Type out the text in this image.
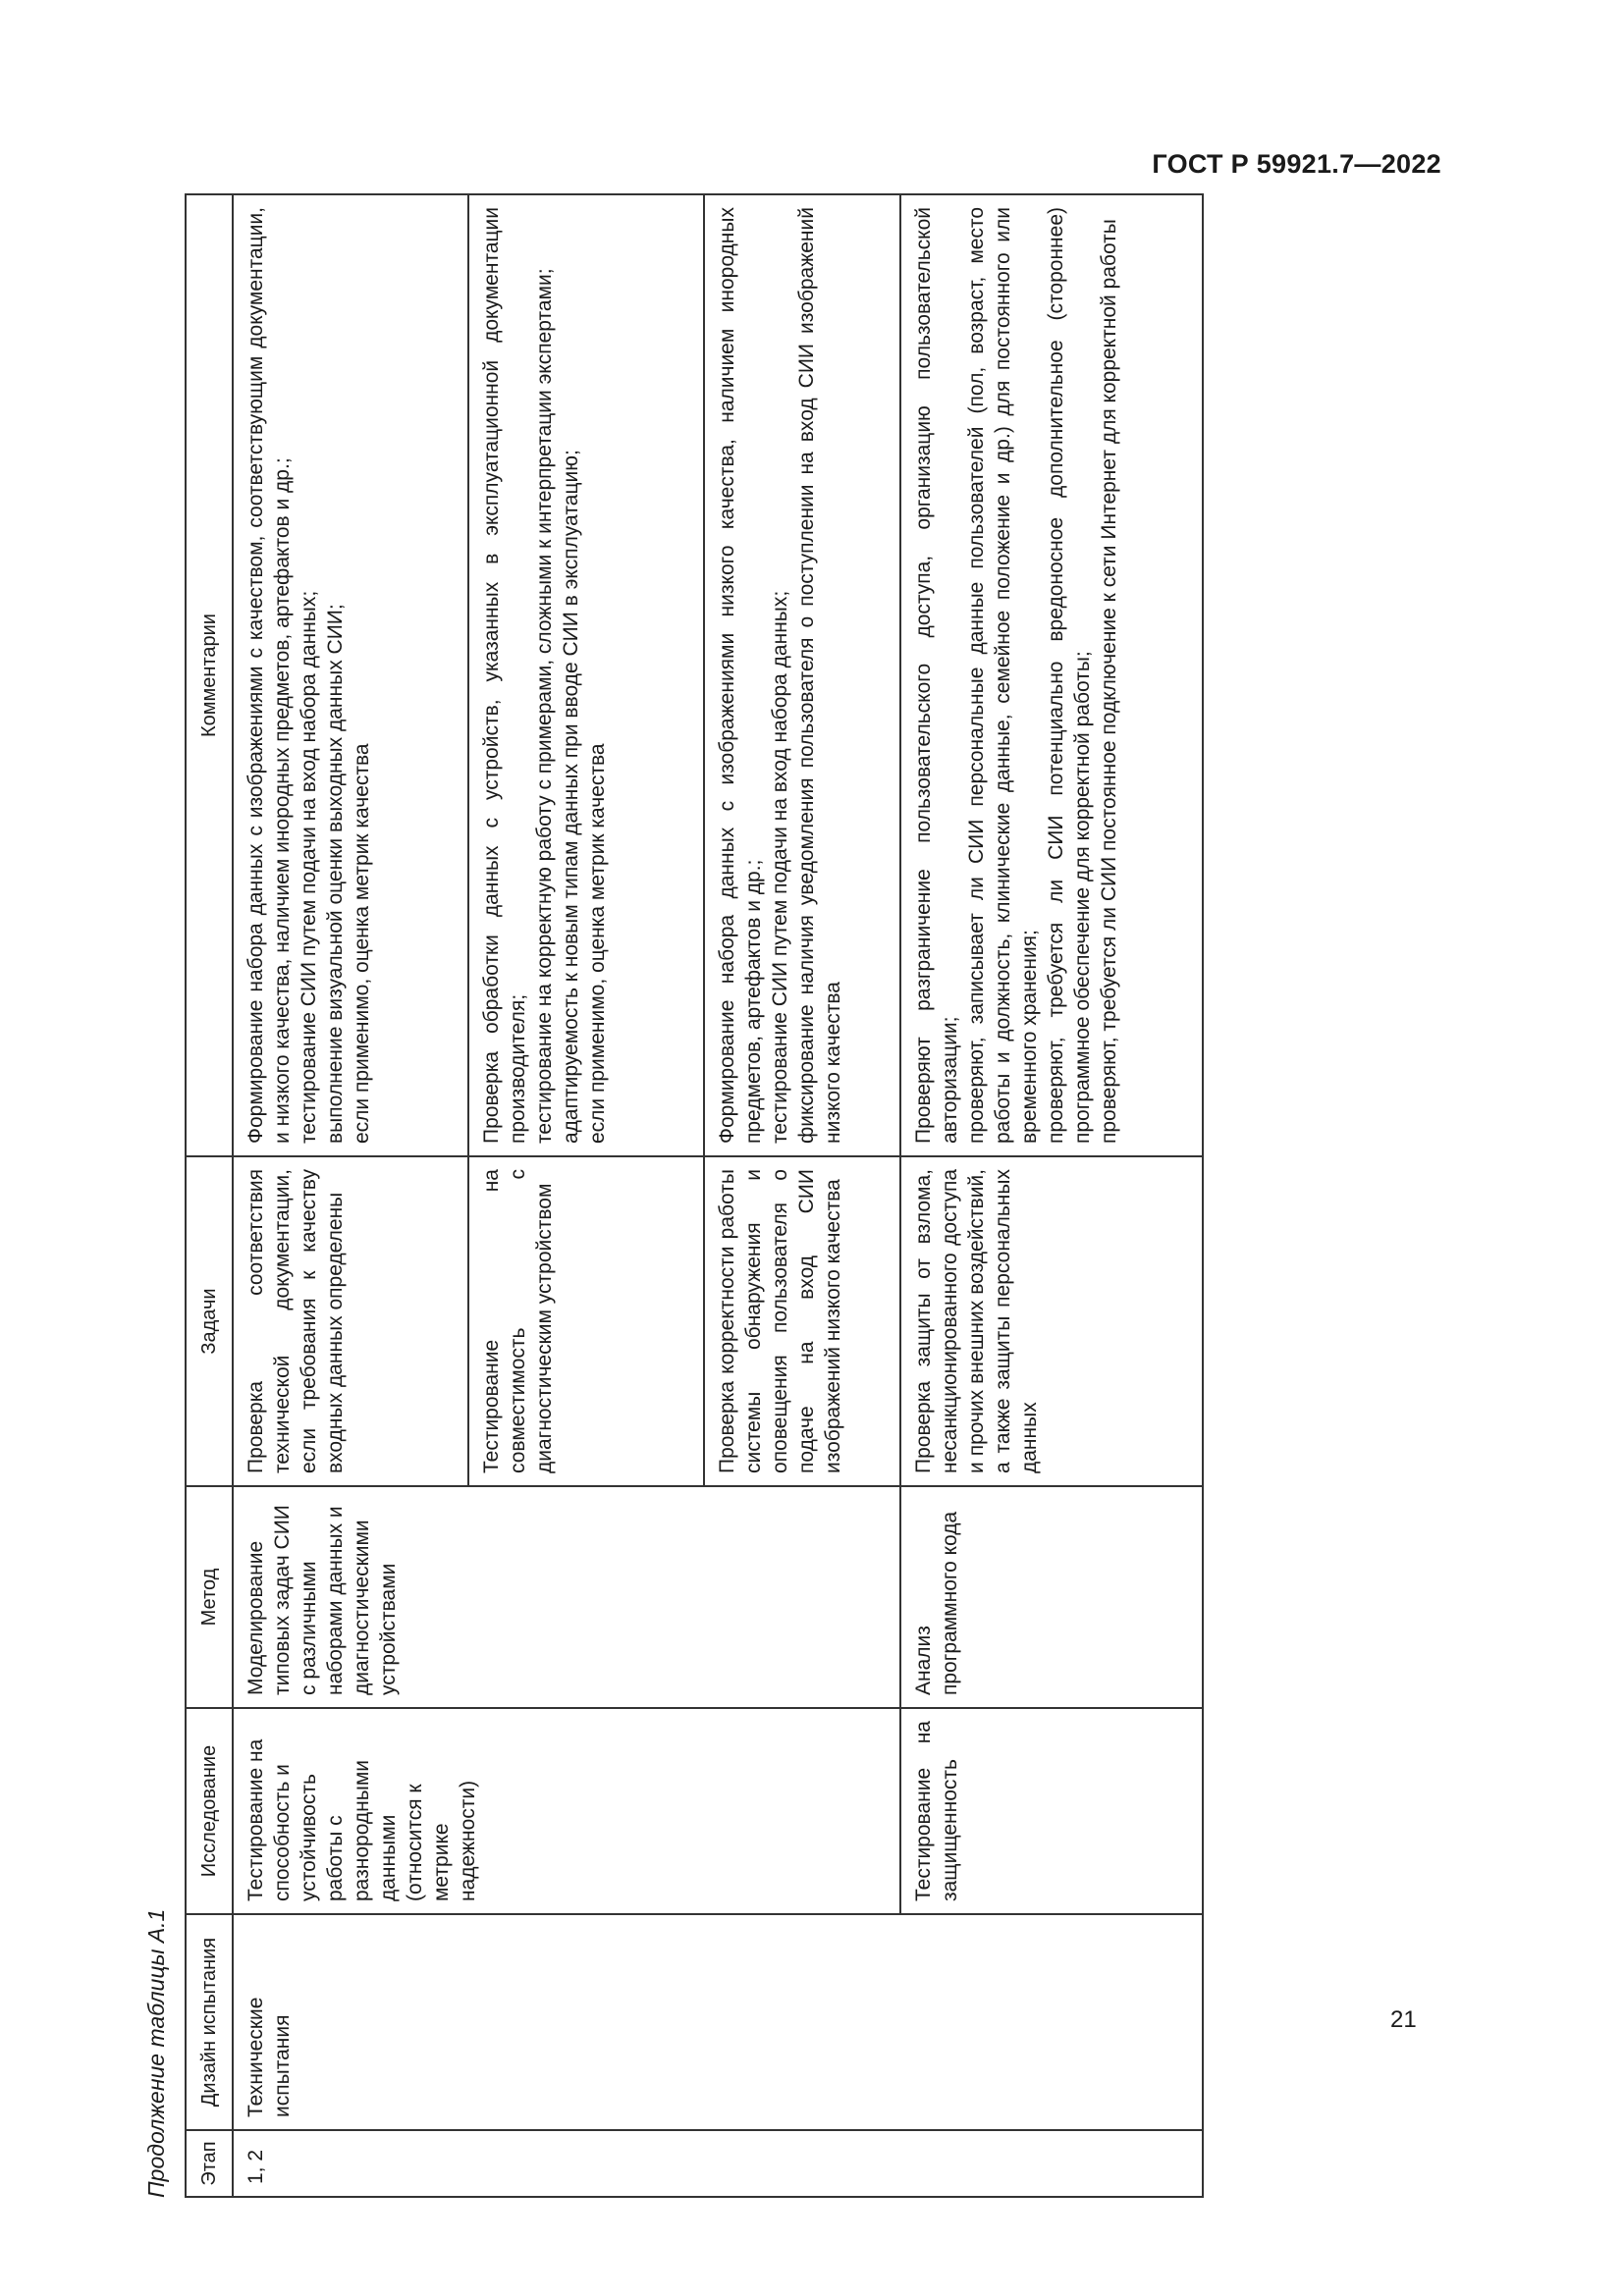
ГОСТ Р 59921.7—2022
Продолжение таблицы А.1 Этап	Дизайн испытания	Исследование	Метод	Задачи	Комментарии
1, 2	Технические испытания	Тестирование на способность и устойчивость работы с разнородными данными (относится к метрике надежности)	Моделирование типовых задач СИИ с различными наборами данных и диагностическими устройствами	Проверка соответствия технической документации, если требования к качеству входных данных определены	Формирование набора данных с изображениями с качеством, соответствующим документации, и низкого качества, наличием инородных предметов, артефактов и др.; тестирование СИИ путем подачи на вход набора данных; выполнение визуальной оценки выходных данных СИИ; если применимо, оценка метрик качества

				Тестирование на совместимость с диагностическим устройством	Проверка обработки данных с устройств, указанных в эксплуатационной документации производителя; тестирование на корректную работу с примерами, сложными к интерпретации экспертами; адаптируемость к новым типам данных при вводе СИИ в эксплуатацию; если применимо, оценка метрик качества

				Проверка корректности работы системы обнаружения и оповещения пользователя о подаче на вход СИИ изображений низкого качества	Формирование набора данных с изображениями низкого качества, наличием инородных предметов, артефактов и др.; тестирование СИИ путем подачи на вход набора данных; фиксирование наличия уведомления пользователя о поступлении на вход СИИ изображений низкого качества

		Тестирование на защищенность	Анализ программного кода	Проверка защиты от взлома, несанкционированного доступа и прочих внешних воздействий, а также защиты персональных данных	Проверяют разграничение пользовательского доступа, организацию пользовательской авторизации; проверяют, записывает ли СИИ персональные данные пользователей (пол, возраст, место работы и должность, клинические данные, семейное положение и др.) для постоянного или временного хранения; проверяют, требуется ли СИИ потенциально вредоносное дополнительное (стороннее) программное обеспечение для корректной работы; проверяют, требуется ли СИИ постоянное подключение к сети Интернет для корректной работы
21
